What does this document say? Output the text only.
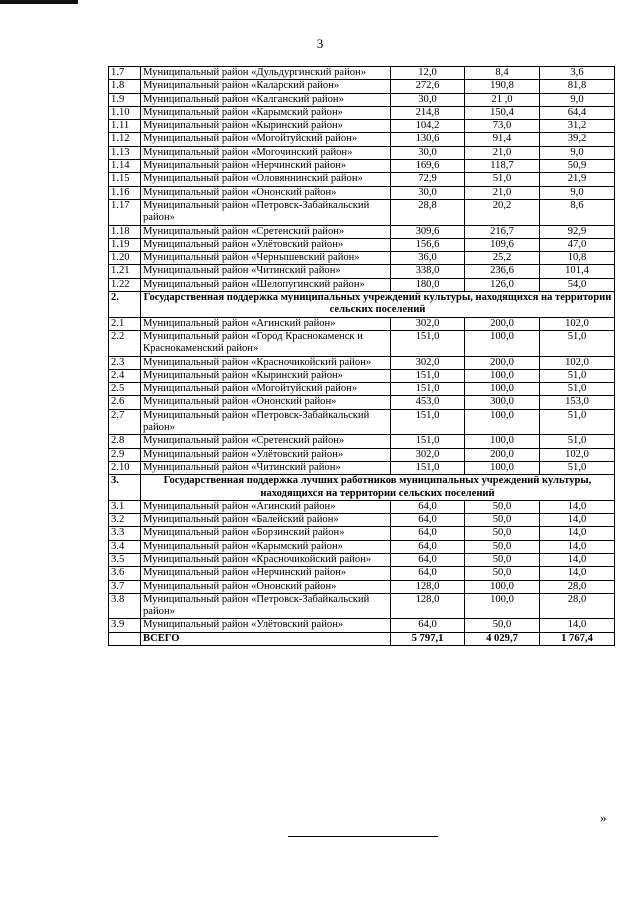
3
1.7	Муниципальный район «Дульдургинский район»	12,0	8,4	3,6
1.8	Муниципальный район «Каларский район»	272,6	190,8	81,8
1.9	Муниципальный район «Калганский район»	30,0	21 ,0	9,0
1.10	Муниципальный район «Карымский район»	214,8	150,4	64,4
1.11	Муниципальный район «Кыринский район»	104,2	73,0	31,2
1.12	Муниципальный район «Могойтуйский район»	130,6	91,4	39,2
1.13	Муниципальный район «Могочинский район»	30,0	21,0	9,0
1.14	Муниципальный район «Нерчинский район»	169,6	118,7	50,9
1.15	Муниципальный район «Оловяннинский район»	72,9	51,0	21,9
1.16	Муниципальный район «Ононский район»	30,0	21,0	9,0
1.17	Муниципальный район «Петровск-Забайкальский район»	28,8	20,2	8,6
1.18	Муниципальный район «Сретенский район»	309,6	216,7	92,9
1.19	Муниципальный район «Улётовский район»	156,6	109,6	47,0
1.20	Муниципальный район «Чернышевский район»	36,0	25,2	10,8
1.21	Муниципальный район «Читинский район»	338,0	236,6	101,4
1.22	Муниципальный район «Шелопугинский район»	180,0	126,0	54,0
2.	Государственная поддержка муниципальных учреждений культуры, находящихся на территории сельских поселений			
2.1	Муниципальный район «Агинский район»	302,0	200,0	102,0
2.2	Муниципальный район «Город Краснокаменск и Краснокаменский район»	151,0	100,0	51,0
2.3	Муниципальный район «Красночикойский район»	302,0	200,0	102,0
2.4	Муниципальный район «Кыринский район»	151,0	100,0	51,0
2.5	Муниципальный район «Могойтуйский район»	151,0	100,0	51,0
2.6	Муниципальный район «Ононский район»	453,0	300,0	153,0
2.7	Муниципальный район «Петровск-Забайкальский район»	151,0	100,0	51,0
2.8	Муниципальный район «Сретенский район»	151,0	100,0	51,0
2.9	Муниципальный район «Улётовский район»	302,0	200,0	102,0
2.10	Муниципальный район «Читинский район»	151,0	100,0	51,0
3.	Государственная поддержка лучших работников муниципальных учреждений культуры, находящихся на территории сельских поселений			
3.1	Муниципальный район «Агинский район»	64,0	50,0	14,0
3.2	Муниципальный район «Балейский район»	64,0	50,0	14,0
3.3	Муниципальный район «Борзинский район»	64,0	50,0	14,0
3.4	Муниципальный район «Карымский район»	64,0	50,0	14,0
3.5	Муниципальный район «Красночикойский район»	64,0	50,0	14,0
3.6	Муниципальный район «Нерчинский район»	64,0	50,0	14,0
3.7	Муниципальный район «Ононский район»	128,0	100,0	28,0
3.8	Муниципальный район «Петровск-Забайкальский район»	128,0	100,0	28,0
3.9	Муниципальный район «Улётовский район»	64,0	50,0	14,0
	ВСЕГО	5 797,1	4 029,7	1 767,4
»
